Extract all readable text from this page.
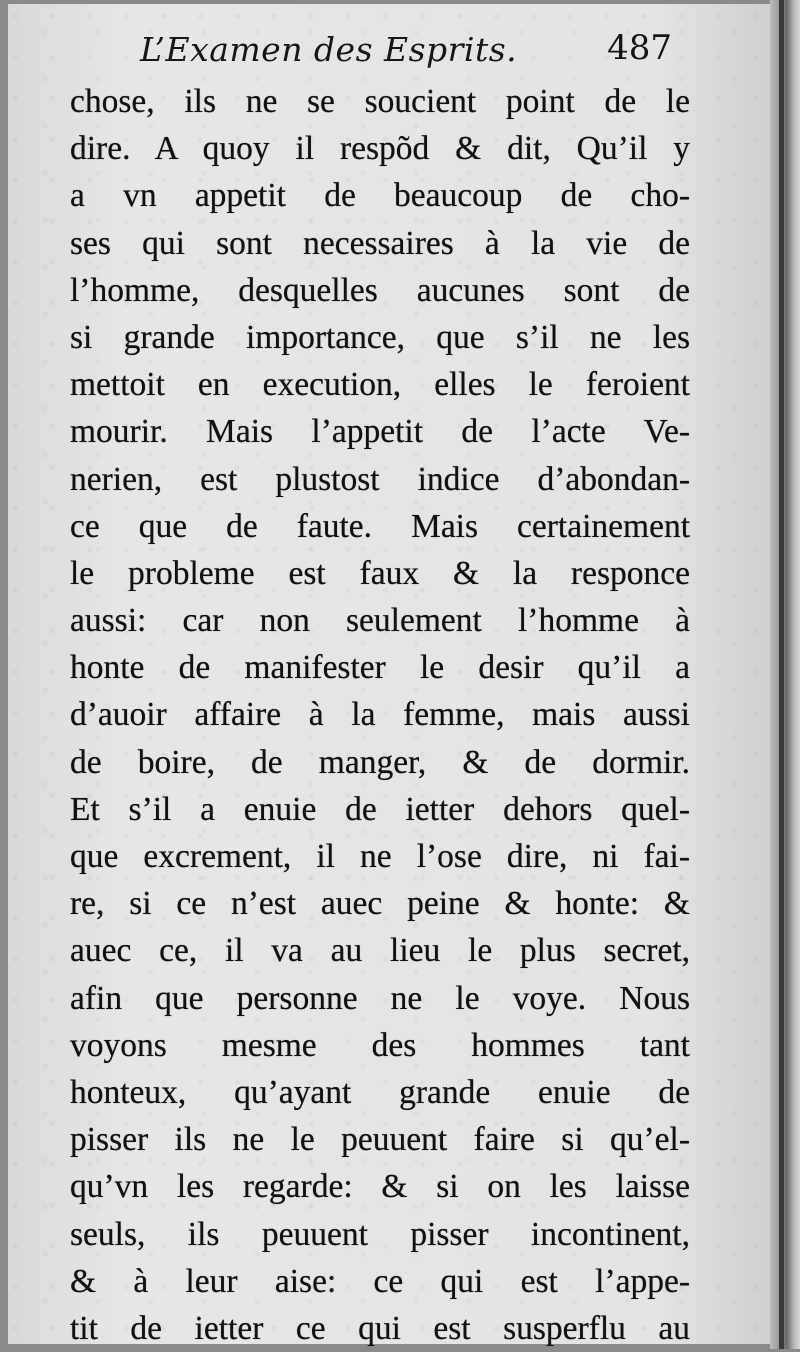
L’Examen des Esprits.	487
chose, ils ne se soucient point de le
dire. A quoy il respõd & dit, Qu’il y
a vn appetit de beaucoup de cho-
ses qui sont necessaires à la vie de
l’homme, desquelles aucunes sont de
si grande importance, que s’il ne les
mettoit en execution, elles le feroient
mourir. Mais l’appetit de l’acte Ve-
nerien, est plustost indice d’abondan-
ce que de faute. Mais certainement
le probleme est faux & la responce
aussi: car non seulement l’homme à
honte de manifester le desir qu’il a
d’auoir affaire à la femme, mais aussi
de boire, de manger, & de dormir.
Et s’il a enuie de ietter dehors quel-
que excrement, il ne l’ose dire, ni fai-
re, si ce n’est auec peine & honte: &
auec ce, il va au lieu le plus secret,
afin que personne ne le voye. Nous
voyons mesme des hommes tant
honteux, qu’ayant grande enuie de
pisser ils ne le peuuent faire si qu’el-
qu’vn les regarde: & si on les laisse
seuls, ils peuuent pisser incontinent,
& à leur aise: ce qui est l’appe-
tit de ietter ce qui est susperflu au
